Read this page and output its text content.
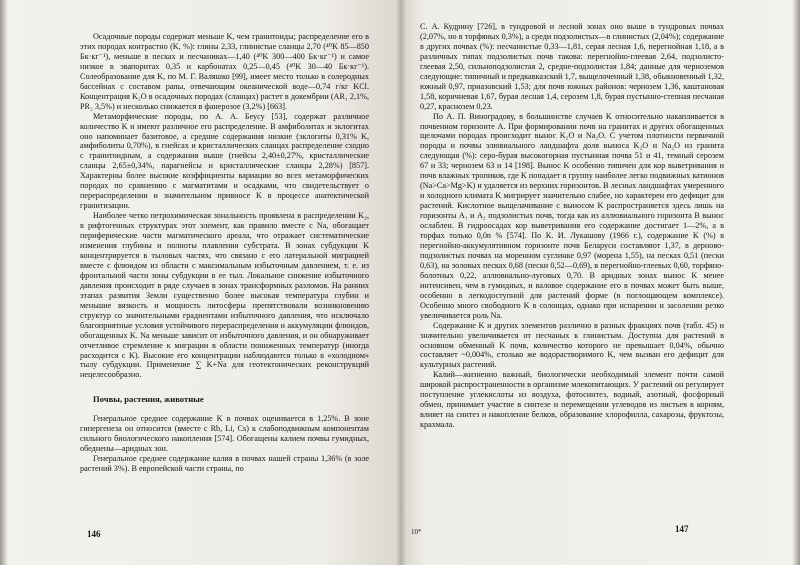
Осадочные породы содержат меньше K, чем гранитоиды; распределение его в этих породах контрастно (K, %): глины 2,33, глинистые сланцы 2,70 (⁴⁰K 85—850 Бк·кг⁻¹), меньше в песках и песчаниках—1,40 (⁴⁰K 300—400 Бк·кг⁻¹) и самое низкое в эвапоритах 0,35 и карбонатах 0,25—0,45 (⁴⁰K 30—40 Бк·кг⁻¹). Солеобразование для K, по М. Г. Валяшко [99], имеет место только в солеродных бассейнах с составом рапы, отвечающим океанической воде—0,74 г/кг KCl. Концентрация K₂O в осадочных породах (сланцах) растет в докембрии (AR₁ 2,1%, PR₂ 3,5%) и несколько снижается в фанерозое (3,2%) [663].

Метаморфические породы, по А. А. Беусу [53], содержат различное количество K и имеют различное его распределение. В амфиболитах и эклогитах оно напоминает базитовое, а средние содержания низкие (эклогиты 0,31% K, амфиболиты 0,70%), в гнейсах и кристаллических сланцах распределение сходно с гранитоидным, а содержания выше (гнейсы 2,40±0,27%, кристаллические сланцы 2,65±0,34%, парагнейсы и кристаллические сланцы 2,28%) [857]. Характерны более высокие коэффициенты вариации во всех метаморфических породах по сравнению с магматитами и осадками, что свидетельствует о перераспределении и значительном привносе K в процессе анатектической гранитизации.

Наиболее четко петрохимическая зональность проявлена в распределении K₂, в рифтогенных структурах этот элемент, как правило вместе с Na, обогащает периферические части магматического ареала, что отражает систематические изменения глубины и полноты плавления субстрата. В зонах субдукции K концентрируется в тыловых частях, что связано с его латеральной миграцией вместе с флюидом из области с максимальным избыточным давлением, т. е. из фронтальной части зоны субдукции в ее тыл. Локальное снижение избыточного давления происходит в ряде случаев в зонах трансформных разломов. На ранних этапах развития Земли существенно более высокая температура глубин и меньшие вязкость и мощность литосферы препятствовали возникновению структур со значительными градиентами избыточного давления, что исключало благоприятные условия устойчивого перераспределения и аккумуляции флюидов, обогащенных K. Na меньше зависит от избыточного давления, и он обнаруживает отчетливое стремление к миграции в области пониженных температур (иногда расходится с K). Высокие его концентрации наблюдаются только в «холодном» тылу субдукции. Применение ∑ K+Na для геотектонических реконструкций нецелесообразно.

Почвы, растения, животные

Генеральное среднее содержание K в почвах оценивается в 1,25%. В зоне гипергенеза он относится (вместе с Rb, Li, Cs) к слабоподвижным компонентам сильного биологического накопления [574]. Обогащены калием почвы гумидных, обеднены—аридных зон.

Генеральное среднее содержание калия в почвах нашей страны 1,36% (в золе растений 3%). В европейской части страны, по

146

С. А. Кудрину [726], в тундровой и лесной зонах оно выше в тундровых почвах (2,07%, но в торфяных 0,3%), а среди подзолистых—в глинистых (2,04%); содержание в других почвах (%): песчанистые 0,33—1,81, серая лесная 1,6, перегнойная 1,18, а в различных типах подзолистых почв такова: перегнойно-глеевая 2,64, подзолисто-глеевая 2,50, сильноподзолистая 2, средне-подзолистая 1,84; данные для черноземов следующие: типичный и предкавказский 1,7, выщелоченный 1,38, обыкновенный 1,32, южный 0,97, приазовский 1,53; для почв южных районов: чернозем 1,36, каштановая 1,58, коричневая 1,67, бурая лесная 1,4, серозем 1,8, бурая пустынно-степная песчаная 0,27, краснозем 0,23.

По А. П. Виноградову, в большинстве случаев K относительно накапливается в почвенном горизонте A. При формировании почв на гранитах и других обогащенных щелочами породах происходит вынос K₂O и Na₂O. С учетом плотности первичной породы и почвы элювиального ландшафта доля выноса K₂O и Na₂O из гранита следующая (%): серо-бурая высокогорная пустынная почва 51 и 41, темный серозем 67 и 33; чернозем 63 и 14 [198]. Вынос K особенно типичен для кор выветривания и почв влажных тропиков, где K попадает в группу наиболее легко подвижных катионов (Na>Ca>Mg>K) и удаляется из верхних горизонтов. В лесных ландшафтах умеренного и холодного климата K мигрирует значительно слабее, но характерен его дефицит для растений. Кислотное выщелачивание с выносом K распространяется здесь лишь на горизонты A₁ и A₂ подзолистых почв, тогда как из аллювиального горизонта B вынос ослаблен. В гидроосадах кор выветривания его содержание достигает 1—2%, а в торфах только 0,0n % [574]. По К. И. Лукашову (1966 г.), содержание K (%) в перегнойно-аккумулятивном горизонте почв Беларуси составляют 1,37, в дерново-подзолистых почвах на моренном суглинке 0,97 (морена 1,55), на песках 0,51 (пески 0,63), на эоловых песках 0,68 (пески 0,52—0,69), в перегнойно-глеевых 0,60, торфяно-болотных 0,22, аллювиально-луговых 0,70. В аридных зонах вынос K менее интенсивен, чем в гумидных, и валовое содержание его в почвах может быть выше, особенно в легкодоступной для растений форме (в поглощающем комплексе). Особенно много свободного K в солонцах, однако при испарении и засолении резко увеличивается роль Na.

Содержание K и других элементов различно в разных фракциях почв (табл. 45) и значительно увеличивается от песчаных к глинистым. Доступна для растений в основном обменный K почв, количество которого не превышает 0,04%, обычно составляет ~0,004%, столько же водорастворимого K, чем вызван его дефицит для культурных растений.

Калий—жизненно важный, биологически необходимый элемент почти самой широкой распространенности в организме млекопитающих. У растений он регулирует поступление углекислоты из воздуха, фотосинтез, водный, азотный, фосфорный обмен, принимает участие в синтезе и перемещении углеводов из листьев в корням, влияет на синтез и накопление белков, образование хлорофилла, сахарозы, фруктозы, крахмала.

10*	147
